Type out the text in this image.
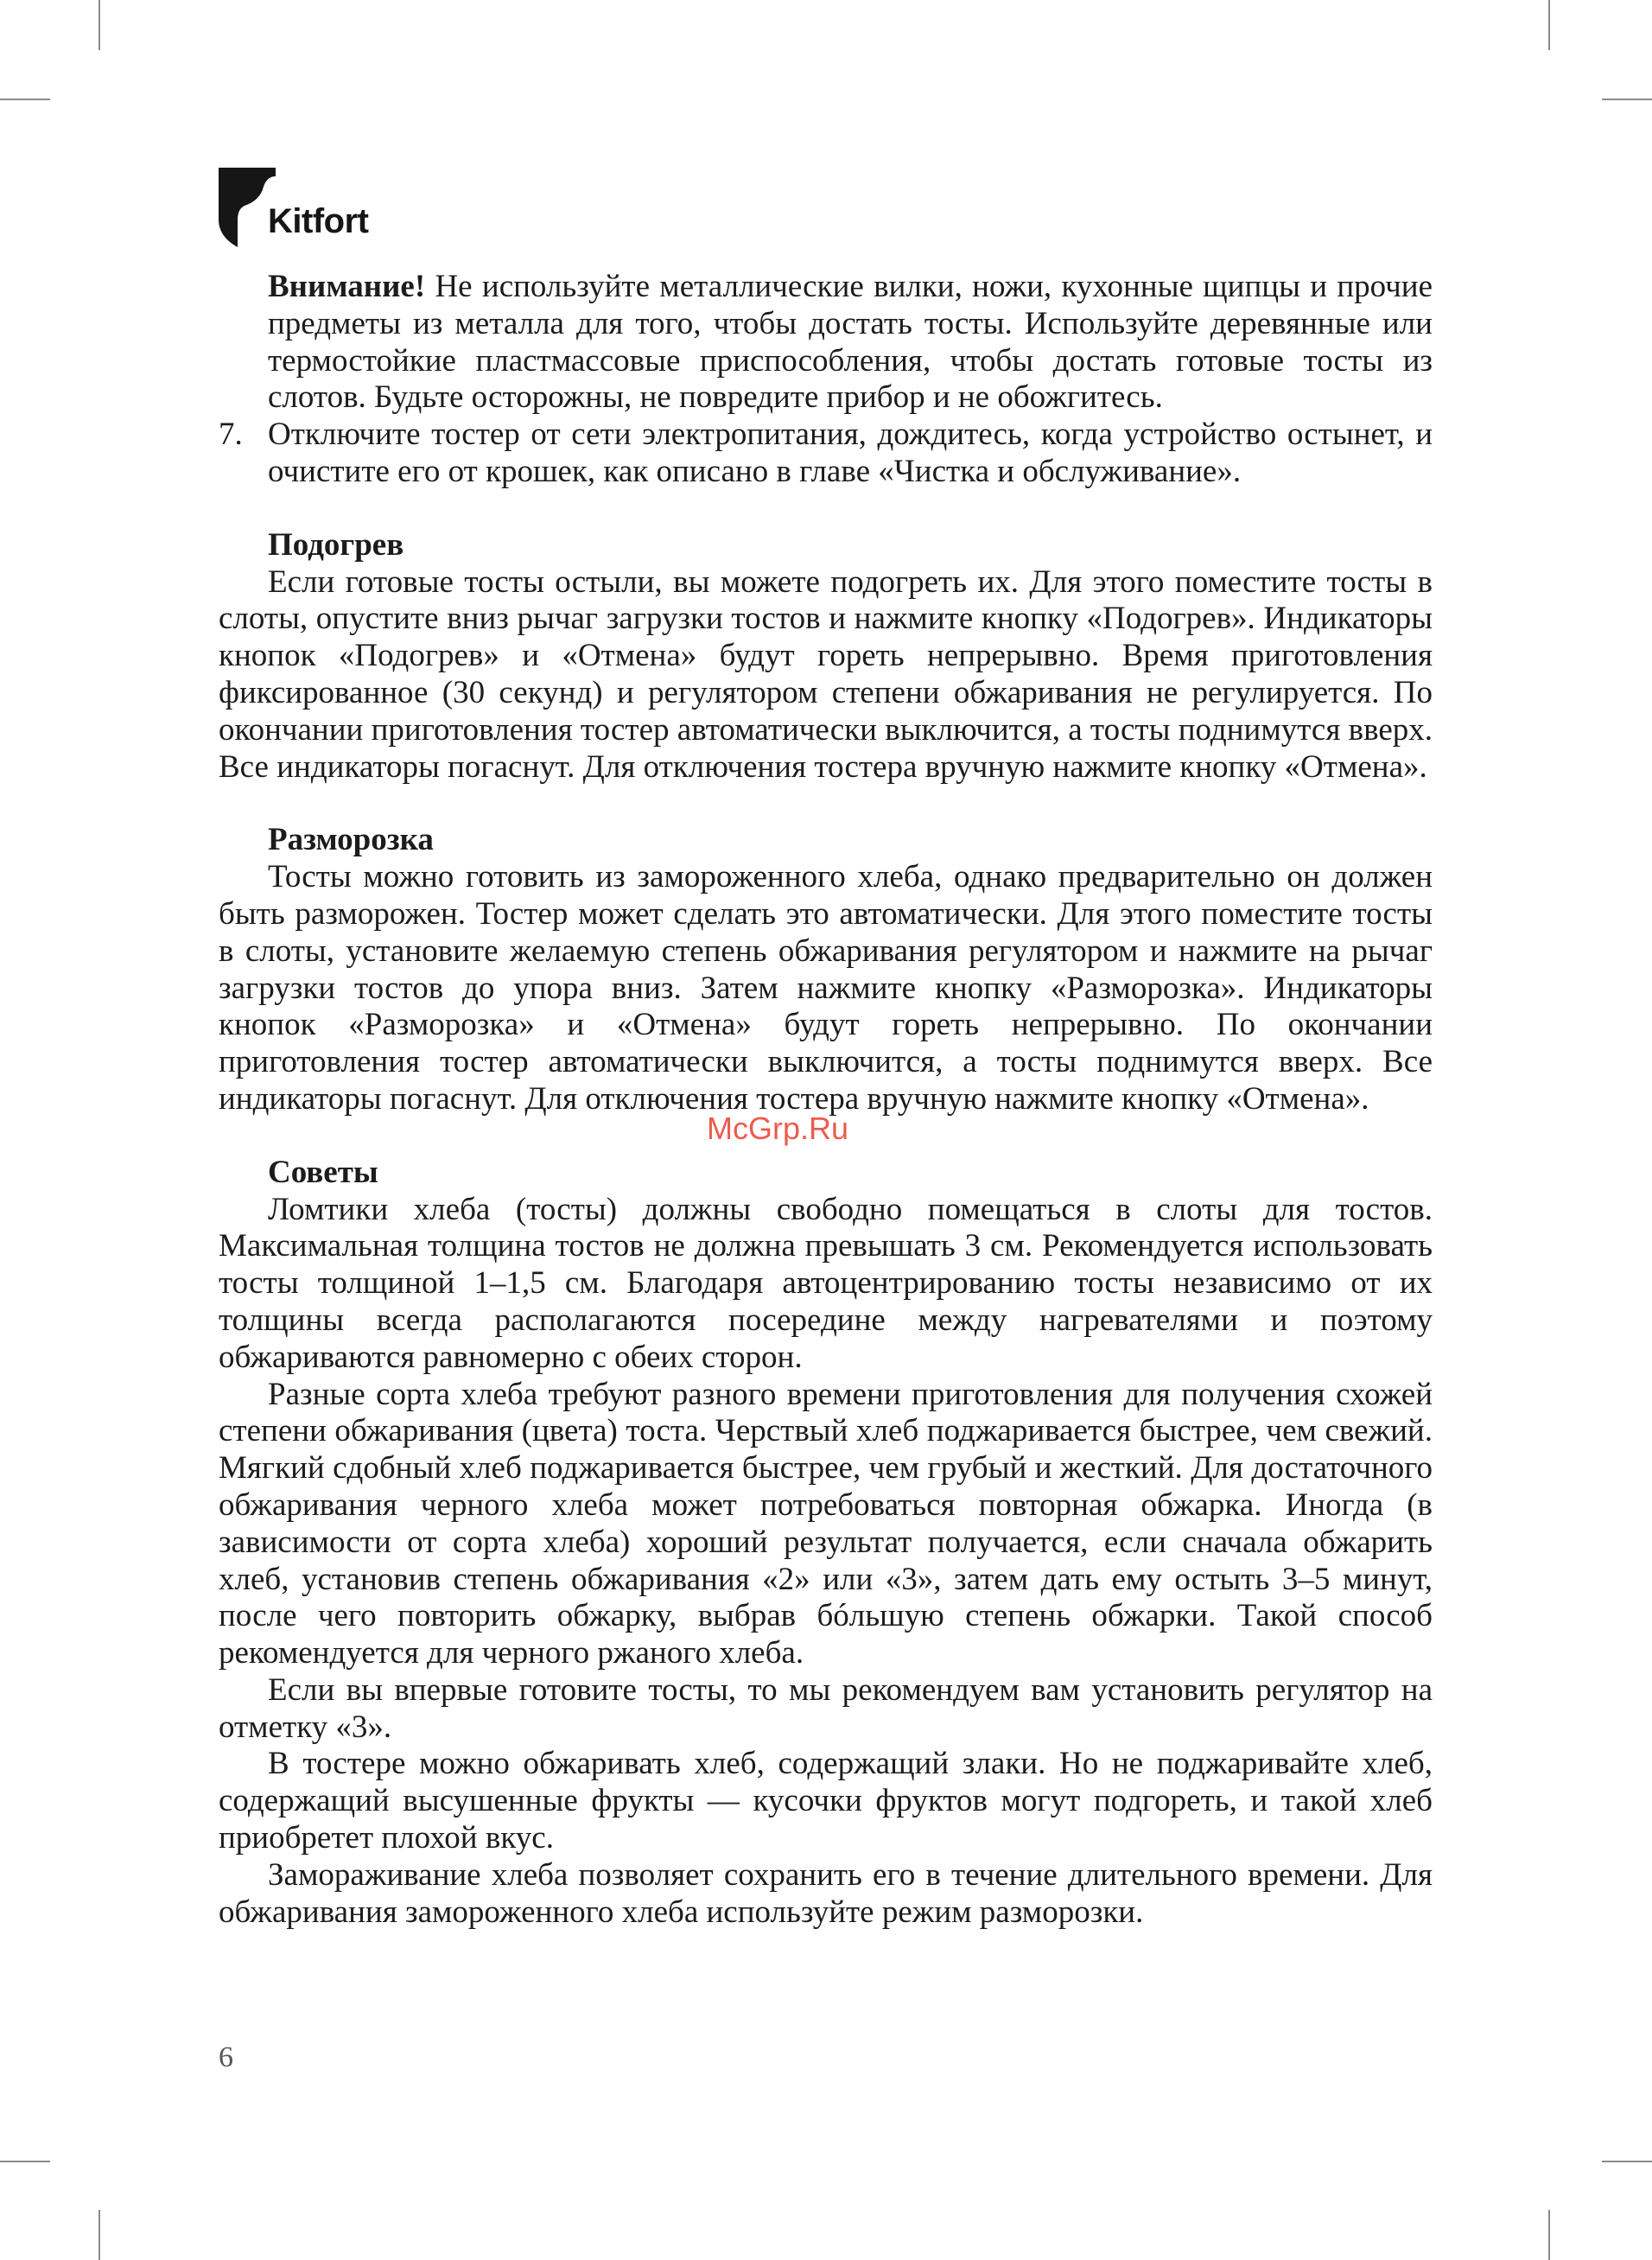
Kitfort

Внимание! Не используйте металлические вилки, ножи, кухонные щипцы и прочие предметы из металла для того, чтобы достать тосты. Используйте деревянные или термостойкие пластмассовые приспособления, чтобы достать готовые тосты из слотов. Будьте осторожны, не повредите прибор и не обожгитесь.

7. Отключите тостер от сети электропитания, дождитесь, когда устройство остынет, и очистите его от крошек, как описано в главе «Чистка и обслуживание».

Подогрев

Если готовые тосты остыли, вы можете подогреть их. Для этого поместите тосты в слоты, опустите вниз рычаг загрузки тостов и нажмите кнопку «Подогрев». Индикаторы кнопок «Подогрев» и «Отмена» будут гореть непрерывно. Время приготовления фиксированное (30 секунд) и регулятором степени обжаривания не регулируется. По окончании приготовления тостер автоматически выключится, а тосты поднимутся вверх. Все индикаторы погаснут. Для отключения тостера вручную нажмите кнопку «Отмена».

Разморозка

Тосты можно готовить из замороженного хлеба, однако предварительно он должен быть разморожен. Тостер может сделать это автоматически. Для этого поместите тосты в слоты, установите желаемую степень обжаривания регулятором и нажмите на рычаг загрузки тостов до упора вниз. Затем нажмите кнопку «Разморозка». Индикаторы кнопок «Разморозка» и «Отмена» будут гореть непрерывно. По окончании приготовления тостер автоматически выключится, а тосты поднимутся вверх. Все индикаторы погаснут. Для отключения тостера вручную нажмите кнопку «Отмена».

Советы

Ломтики хлеба (тосты) должны свободно помещаться в слоты для тостов. Максимальная толщина тостов не должна превышать 3 см. Рекомендуется использовать тосты толщиной 1–1,5 см. Благодаря автоцентрированию тосты независимо от их толщины всегда располагаются посередине между нагревателями и поэтому обжариваются равномерно с обеих сторон.

Разные сорта хлеба требуют разного времени приготовления для получения схожей степени обжаривания (цвета) тоста. Черствый хлеб поджаривается быстрее, чем свежий. Мягкий сдобный хлеб поджаривается быстрее, чем грубый и жесткий. Для достаточного обжаривания черного хлеба может потребоваться повторная обжарка. Иногда (в зависимости от сорта хлеба) хороший результат получается, если сначала обжарить хлеб, установив степень обжаривания «2» или «3», затем дать ему остыть 3–5 минут, после чего повторить обжарку, выбрав бóльшую степень обжарки. Такой способ рекомендуется для черного ржаного хлеба.

Если вы впервые готовите тосты, то мы рекомендуем вам установить регулятор на отметку «3».

В тостере можно обжаривать хлеб, содержащий злаки. Но не поджаривайте хлеб, содержащий высушенные фрукты — кусочки фруктов могут подгореть, и такой хлеб приобретет плохой вкус.

Замораживание хлеба позволяет сохранить его в течение длительного времени. Для обжаривания замороженного хлеба используйте режим разморозки.

McGrp.Ru
6
